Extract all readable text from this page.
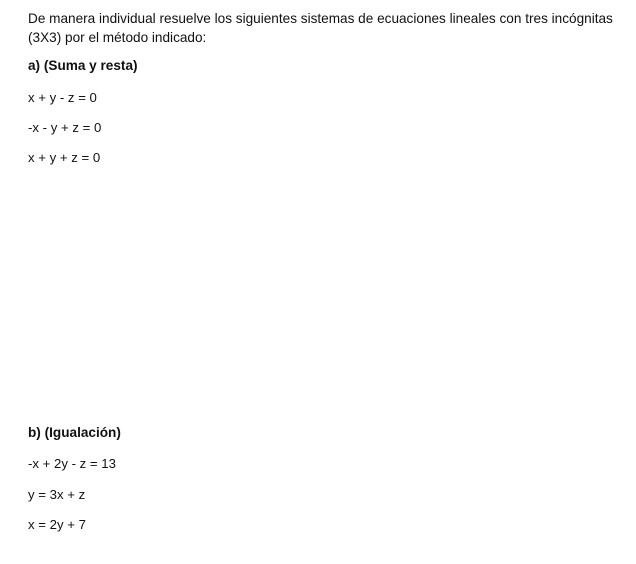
De manera individual resuelve los siguientes sistemas de ecuaciones lineales con tres incógnitas (3X3) por el método indicado:

a) (Suma y resta)

x + y - z = 0

-x - y + z = 0

x + y + z = 0

b) (Igualación)

-x + 2y - z = 13

y = 3x + z

x = 2y + 7
